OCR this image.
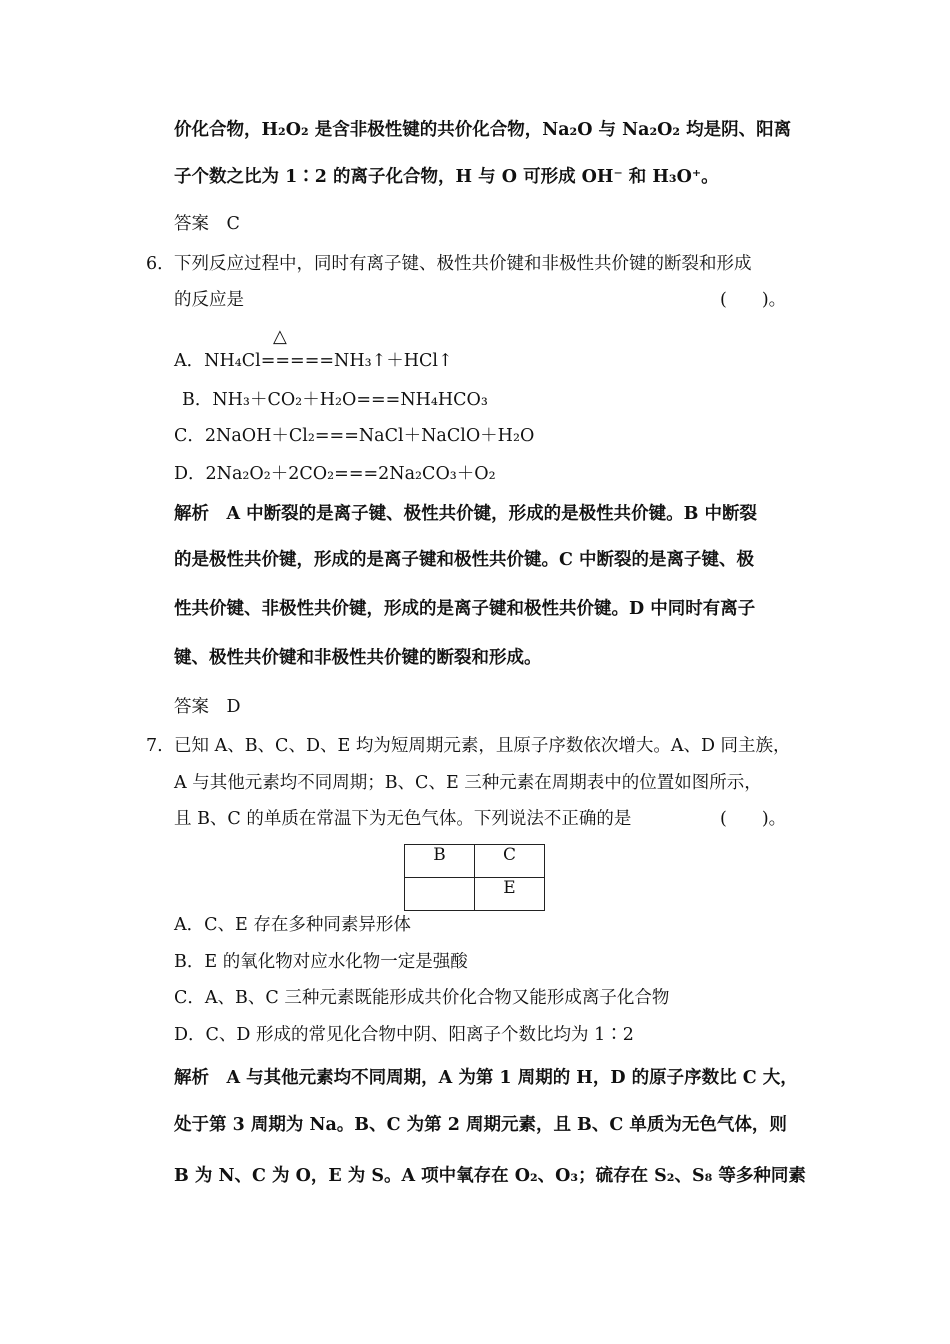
价化合物，H₂O₂ 是含非极性键的共价化合物，Na₂O 与 Na₂O₂ 均是阴、阳离
子个数之比为 1∶2 的离子化合物，H 与 O 可形成 OH⁻ 和 H₃O⁺。
答案　C
6． 下列反应过程中，同时有离子键、极性共价键和非极性共价键的断裂和形成
的反应是	(　　)。
△
A．NH₄Cl=====NH₃↑＋HCl↑
B．NH₃＋CO₂＋H₂O===NH₄HCO₃
C．2NaOH＋Cl₂===NaCl＋NaClO＋H₂O
D．2Na₂O₂＋2CO₂===2Na₂CO₃＋O₂
解析　A 中断裂的是离子键、极性共价键，形成的是极性共价键。B 中断裂
的是极性共价键，形成的是离子键和极性共价键。C 中断裂的是离子键、极
性共价键、非极性共价键，形成的是离子键和极性共价键。D 中同时有离子
键、极性共价键和非极性共价键的断裂和形成。
答案　D
7. 已知 A、B、C、D、E 均为短周期元素，且原子序数依次增大。A、D 同主族，
A 与其他元素均不同周期；B、C、E 三种元素在周期表中的位置如图所示，
且 B、C 的单质在常温下为无色气体。下列说法不正确的是	(　　)。
B	C
	E
A．C、E 存在多种同素异形体
B．E 的氧化物对应水化物一定是强酸
C．A、B、C 三种元素既能形成共价化合物又能形成离子化合物
D．C、D 形成的常见化合物中阴、阳离子个数比均为 1∶2
解析　A 与其他元素均不同周期，A 为第 1 周期的 H，D 的原子序数比 C 大，
处于第 3 周期为 Na。B、C 为第 2 周期元素，且 B、C 单质为无色气体，则
B 为 N、C 为 O，E 为 S。A 项中氧存在 O₂、O₃；硫存在 S₂、S₈ 等多种同素
